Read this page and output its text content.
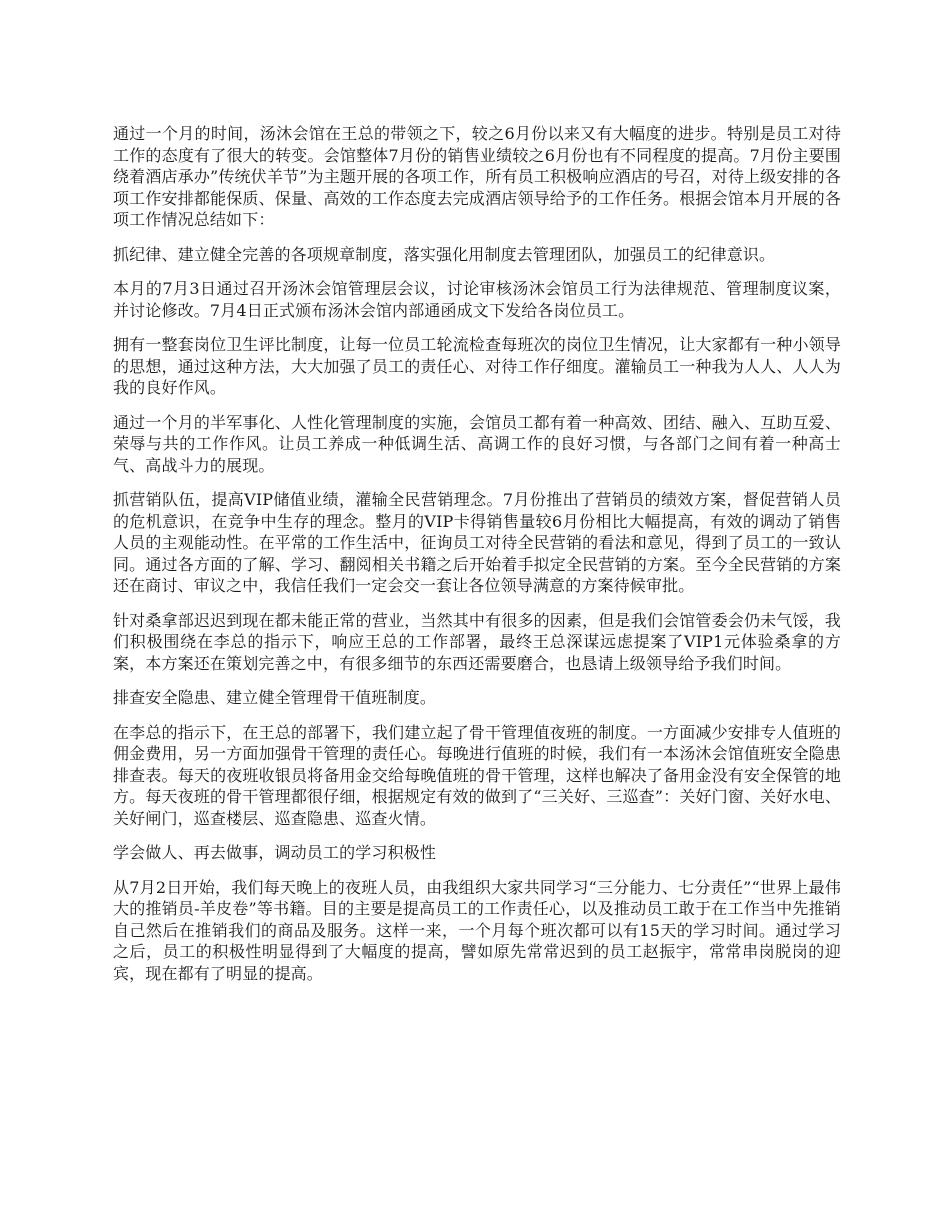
通过一个月的时间，汤沐会馆在王总的带领之下，较之6月份以来又有大幅度的进步。特别是员工对待工作的态度有了很大的转变。会馆整体7月份的销售业绩较之6月份也有不同程度的提高。7月份主要围绕着酒店承办”传统伏羊节”为主题开展的各项工作，所有员工积极响应酒店的号召，对待上级安排的各项工作安排都能保质、保量、高效的工作态度去完成酒店领导给予的工作任务。根据会馆本月开展的各项工作情况总结如下：

抓纪律、建立健全完善的各项规章制度，落实强化用制度去管理团队，加强员工的纪律意识。

本月的7月3日通过召开汤沐会馆管理层会议，讨论审核汤沐会馆员工行为法律规范、管理制度议案，并讨论修改。7月4日正式颁布汤沐会馆内部通函成文下发给各岗位员工。

拥有一整套岗位卫生评比制度，让每一位员工轮流检查每班次的岗位卫生情况，让大家都有一种小领导的思想，通过这种方法，大大加强了员工的责任心、对待工作仔细度。灌输员工一种我为人人、人人为我的良好作风。

通过一个月的半军事化、人性化管理制度的实施，会馆员工都有着一种高效、团结、融入、互助互爱、荣辱与共的工作作风。让员工养成一种低调生活、高调工作的良好习惯，与各部门之间有着一种高士气、高战斗力的展现。

抓营销队伍，提高VIP储值业绩，灌输全民营销理念。7月份推出了营销员的绩效方案，督促营销人员的危机意识，在竞争中生存的理念。整月的VIP卡得销售量较6月份相比大幅提高，有效的调动了销售人员的主观能动性。在平常的工作生活中，征询员工对待全民营销的看法和意见，得到了员工的一致认同。通过各方面的了解、学习、翻阅相关书籍之后开始着手拟定全民营销的方案。至今全民营销的方案还在商讨、审议之中，我信任我们一定会交一套让各位领导满意的方案待候审批。

针对桑拿部迟迟到现在都未能正常的营业，当然其中有很多的因素，但是我们会馆管委会仍未气馁，我们积极围绕在李总的指示下，响应王总的工作部署，最终王总深谋远虑提案了VIP1元体验桑拿的方案，本方案还在策划完善之中，有很多细节的东西还需要磨合，也恳请上级领导给予我们时间。

排查安全隐患、建立健全管理骨干值班制度。

在李总的指示下，在王总的部署下，我们建立起了骨干管理值夜班的制度。一方面减少安排专人值班的佣金费用，另一方面加强骨干管理的责任心。每晚进行值班的时候，我们有一本汤沐会馆值班安全隐患排查表。每天的夜班收银员将备用金交给每晚值班的骨干管理，这样也解决了备用金没有安全保管的地方。每天夜班的骨干管理都很仔细，根据规定有效的做到了“三关好、三巡查”：关好门窗、关好水电、关好闸门，巡查楼层、巡查隐患、巡查火情。

学会做人、再去做事，调动员工的学习积极性

从7月2日开始，我们每天晚上的夜班人员，由我组织大家共同学习“三分能力、七分责任”“世界上最伟大的推销员-羊皮卷”等书籍。目的主要是提高员工的工作责任心，以及推动员工敢于在工作当中先推销自己然后在推销我们的商品及服务。这样一来，一个月每个班次都可以有15天的学习时间。通过学习之后，员工的积极性明显得到了大幅度的提高，譬如原先常常迟到的员工赵振宇，常常串岗脱岗的迎宾，现在都有了明显的提高。
